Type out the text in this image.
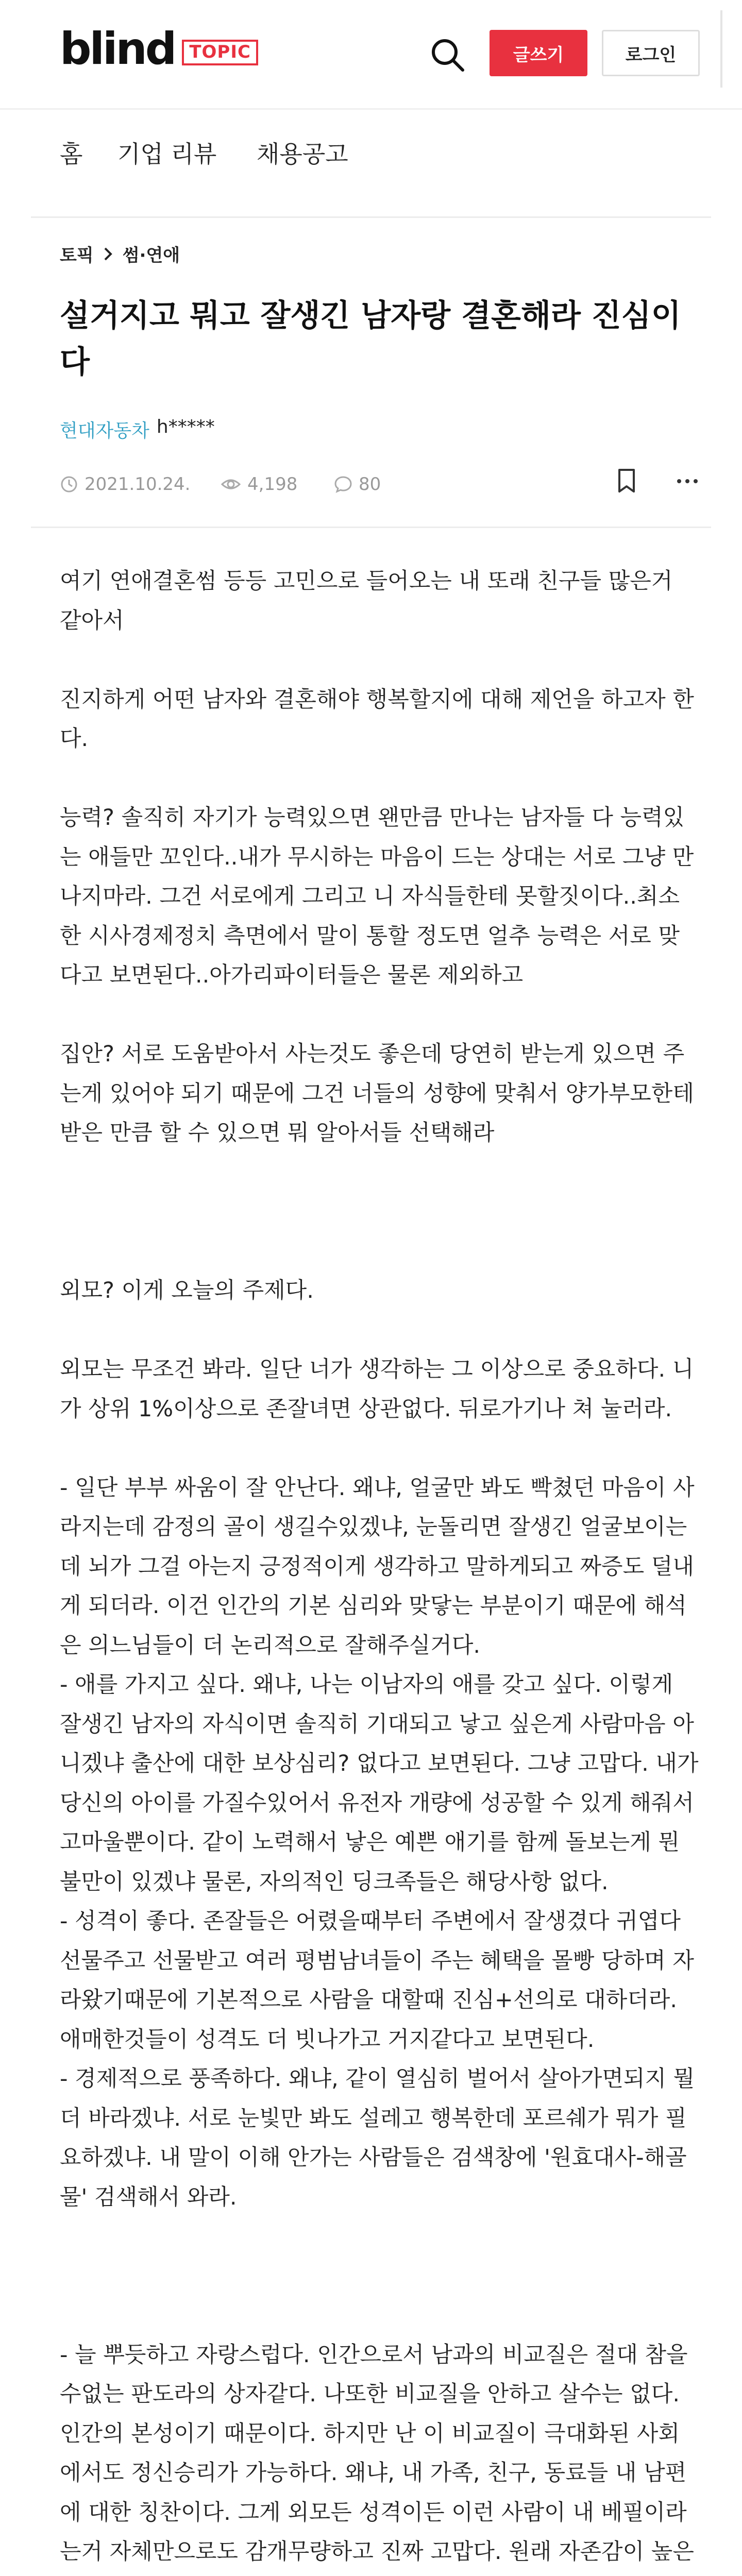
blind TOPIC	글쓰기	로그인
홈 기업 리뷰 채용공고
토픽 썸·연애
설거지고 뭐고 잘생긴 남자랑 결혼해라 진심이다
현대자동차 h*****
2021.10.24.	4,198	80

여기 연애결혼썸 등등 고민으로 들어오는 내 또래 친구들 많은거 같아서

진지하게 어떤 남자와 결혼해야 행복할지에 대해 제언을 하고자 한다.

능력? 솔직히 자기가 능력있으면 왠만큼 만나는 남자들 다 능력있는 애들만 꼬인다..내가 무시하는 마음이 드는 상대는 서로 그냥 만나지마라. 그건 서로에게 그리고 니 자식들한테 못할짓이다..최소한 시사경제정치 측면에서 말이 통할 정도면 얼추 능력은 서로 맞다고 보면된다..아가리파이터들은 물론 제외하고

집안? 서로 도움받아서 사는것도 좋은데 당연히 받는게 있으면 주는게 있어야 되기 때문에 그건 너들의 성향에 맞춰서 양가부모한테 받은 만큼 할 수 있으면 뭐 알아서들 선택해라

외모? 이게 오늘의 주제다.

외모는 무조건 봐라. 일단 너가 생각하는 그 이상으로 중요하다. 니가 상위 1%이상으로 존잘녀면 상관없다. 뒤로가기나 쳐 눌러라.

- 일단 부부 싸움이 잘 안난다. 왜냐, 얼굴만 봐도 빡쳤던 마음이 사라지는데 감정의 골이 생길수있겠냐, 눈돌리면 잘생긴 얼굴보이는데 뇌가 그걸 아는지 긍정적이게 생각하고 말하게되고 짜증도 덜내게 되더라. 이건 인간의 기본 심리와 맞닿는 부분이기 때문에 해석은 의느님들이 더 논리적으로 잘해주실거다.

- 애를 가지고 싶다. 왜냐, 나는 이남자의 애를 갖고 싶다. 이렇게 잘생긴 남자의 자식이면 솔직히 기대되고 낳고 싶은게 사람마음 아니겠냐 출산에 대한 보상심리? 없다고 보면된다. 그냥 고맙다. 내가 당신의 아이를 가질수있어서 유전자 개량에 성공할 수 있게 해줘서 고마울뿐이다. 같이 노력해서 낳은 예쁜 애기를 함께 돌보는게 뭔 불만이 있겠냐 물론, 자의적인 딩크족들은 해당사항 없다.

- 성격이 좋다. 존잘들은 어렸을때부터 주변에서 잘생겼다 귀엽다 선물주고 선물받고 여러 평범남녀들이 주는 혜택을 몰빵 당하며 자라왔기때문에 기본적으로 사람을 대할때 진심+선의로 대하더라. 애매한것들이 성격도 더 빗나가고 거지같다고 보면된다.

- 경제적으로 풍족하다. 왜냐, 같이 열심히 벌어서 살아가면되지 뭘 더 바라겠냐. 서로 눈빛만 봐도 설레고 행복한데 포르쉐가 뭐가 필요하겠냐. 내 말이 이해 안가는 사람들은 검색창에 '원효대사-해골물' 검색해서 와라.

- 늘 뿌듯하고 자랑스럽다. 인간으로서 남과의 비교질은 절대 참을수없는 판도라의 상자같다. 나또한 비교질을 안하고 살수는 없다. 인간의 본성이기 때문이다. 하지만 난 이 비교질이 극대화된 사회에서도 정신승리가 가능하다. 왜냐, 내 가족, 친구, 동료들 내 남편에 대한 칭찬이다. 그게 외모든 성격이든 이런 사람이 내 베필이라는거 자체만으로도 감개무량하고 진짜 고맙다. 원래 자존감이 높은
